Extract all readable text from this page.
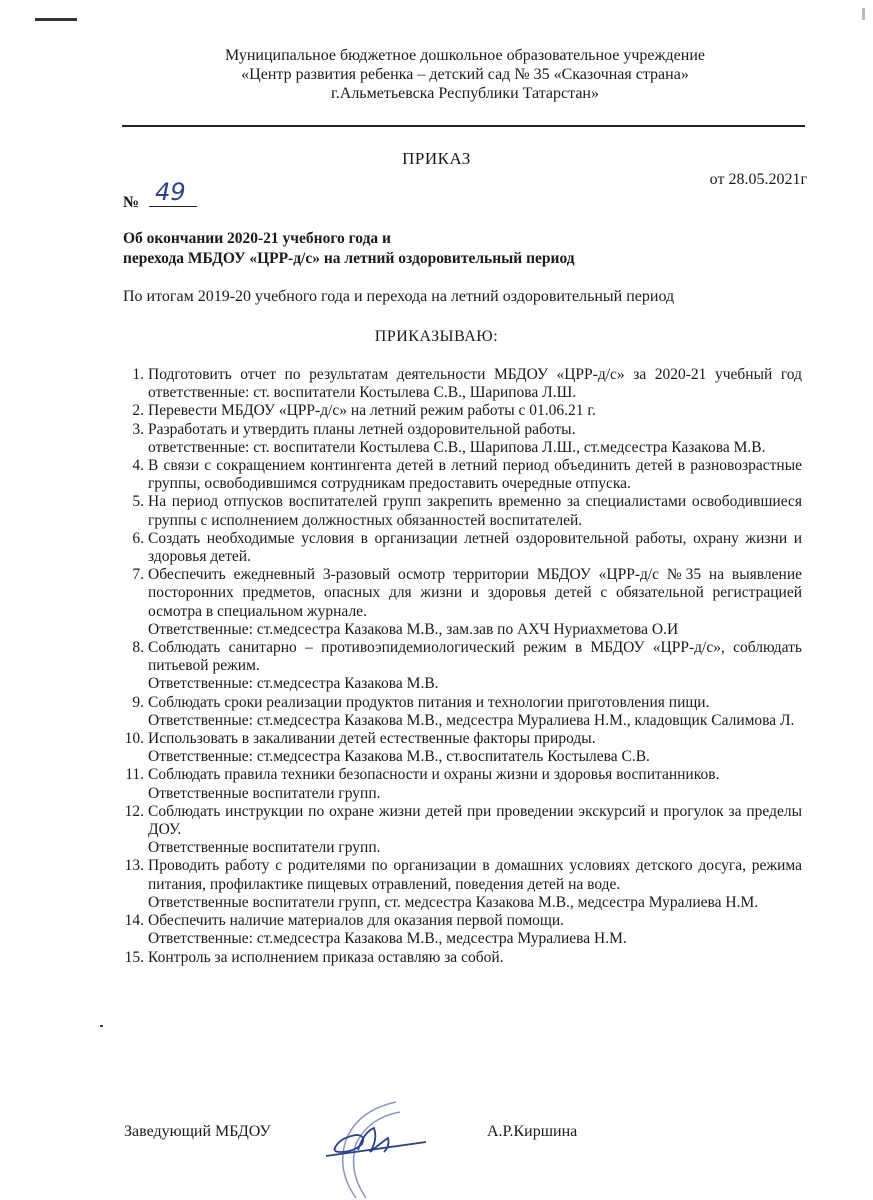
Муниципальное бюджетное дошкольное образовательное учреждение
«Центр развития ребенка – детский сад № 35 «Сказочная страна»
г.Альметьевска Республики Татарстан»
ПРИКАЗ
от 28.05.2021г
№ 49
Об окончании 2020-21 учебного года и
перехода МБДОУ «ЦРР-д/с» на летний оздоровительный период
По итогам 2019-20 учебного года и перехода на летний оздоровительный период
ПРИКАЗЫВАЮ:
1. Подготовить отчет по результатам деятельности МБДОУ «ЦРР-д/с» за 2020-21 учебный год ответственные: ст. воспитатели Костылева С.В., Шарипова Л.Ш.
2. Перевести МБДОУ «ЦРР-д/с» на летний режим работы с 01.06.21 г.
3. Разработать и утвердить планы летней оздоровительной работы.
ответственные: ст. воспитатели Костылева С.В., Шарипова Л.Ш., ст.медсестра Казакова М.В.
4. В связи с сокращением контингента детей в летний период объединить детей в разновозрастные группы, освободившимся сотрудникам предоставить очередные отпуска.
5. На период отпусков воспитателей групп закрепить временно за специалистами освободившиеся группы с исполнением должностных обязанностей воспитателей.
6. Создать необходимые условия в организации летней оздоровительной работы, охрану жизни и здоровья детей.
7. Обеспечить ежедневный 3-разовый осмотр территории МБДОУ «ЦРР-д/с №35 на выявление посторонних предметов, опасных для жизни и здоровья детей с обязательной регистрацией осмотра в специальном журнале.
Ответственные: ст.медсестра Казакова М.В., зам.зав по АХЧ Нуриахметова О.И
8. Соблюдать санитарно – противоэпидемиологический режим в МБДОУ «ЦРР-д/с», соблюдать питьевой режим.
Ответственные: ст.медсестра Казакова М.В.
9. Соблюдать сроки реализации продуктов питания и технологии приготовления пищи.
Ответственные: ст.медсестра Казакова М.В., медсестра Муралиева Н.М., кладовщик Салимова Л.
10. Использовать в закаливании детей естественные факторы природы.
Ответственные: ст.медсестра Казакова М.В., ст.воспитатель Костылева С.В.
11. Соблюдать правила техники безопасности и охраны жизни и здоровья воспитанников.
Ответственные воспитатели групп.
12. Соблюдать инструкции по охране жизни детей при проведении экскурсий и прогулок за пределы ДОУ.
Ответственные воспитатели групп.
13. Проводить работу с родителями по организации в домашних условиях детского досуга, режима питания, профилактике пищевых отравлений, поведения детей на воде.
Ответственные воспитатели групп, ст. медсестра Казакова М.В., медсестра Муралиева Н.М.
14. Обеспечить наличие материалов для оказания первой помощи.
Ответственные: ст.медсестра Казакова М.В., медсестра Муралиева Н.М.
15. Контроль за исполнением приказа оставляю за собой.
Заведующий МБДОУ	А.Р.Киршина
